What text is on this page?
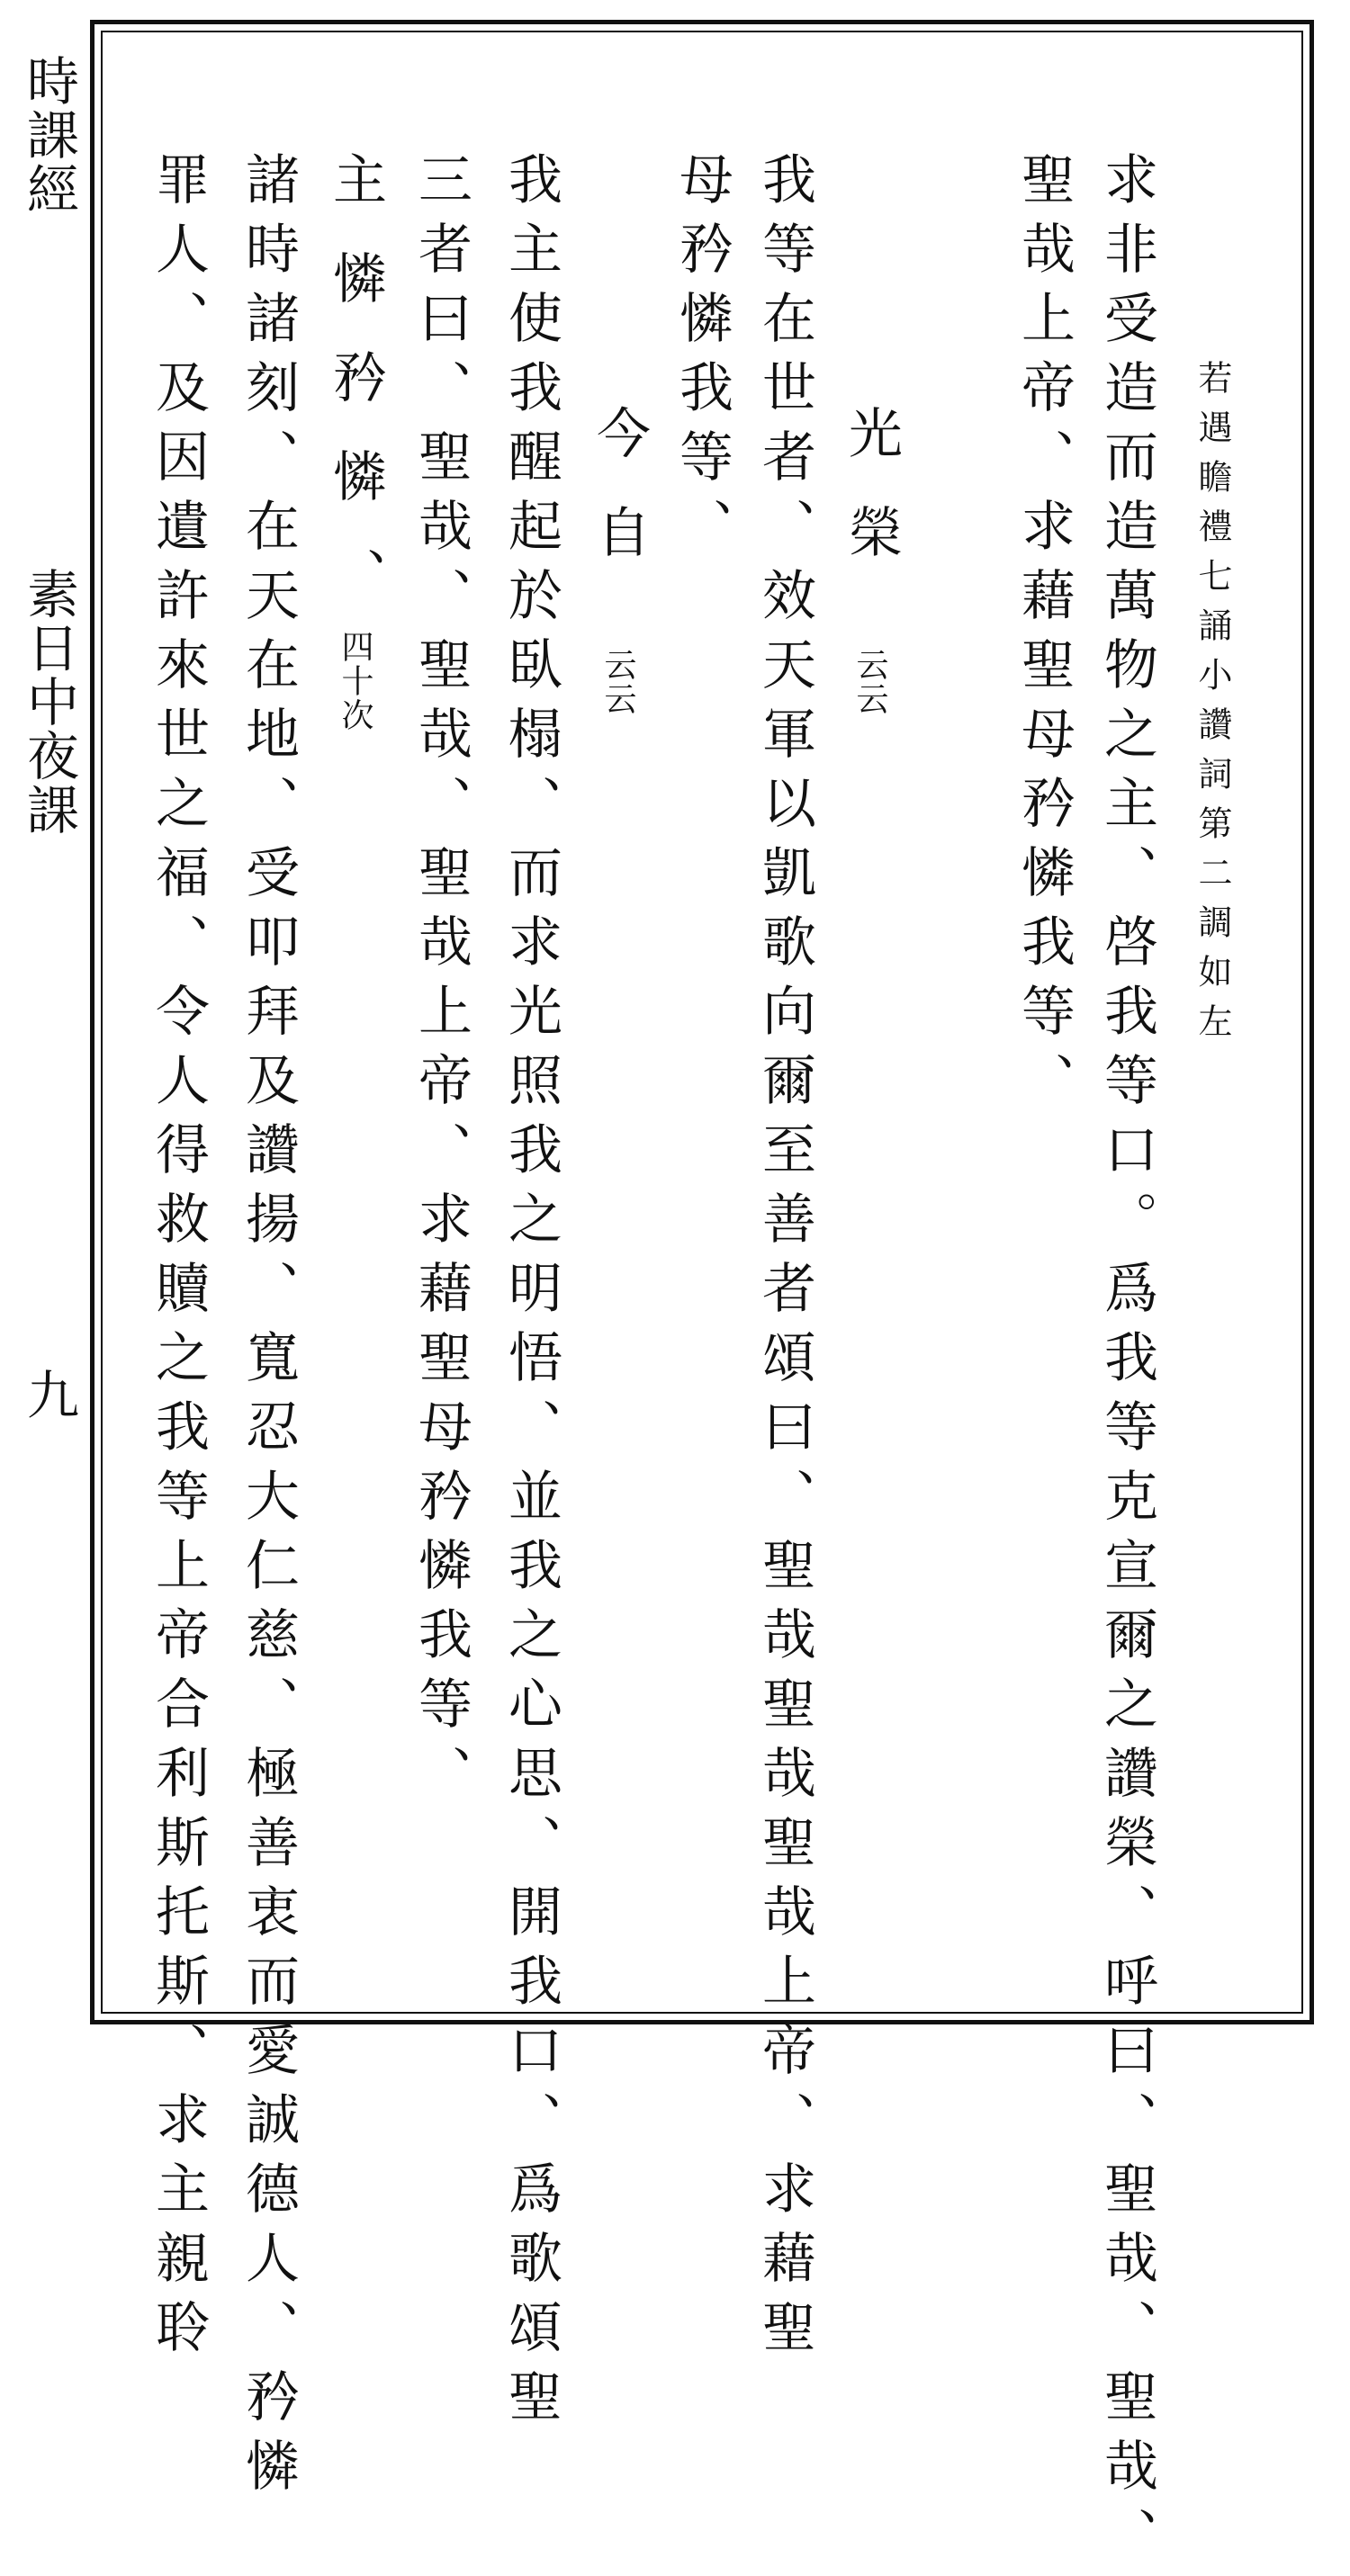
時課經
素日中夜課
九
若遇瞻禮七誦小讚詞第二調如左
求非受造而造萬物之主、啓我等口。爲我等克宣爾之讚榮、呼曰、聖哉、聖哉、
聖哉上帝、求藉聖母矜憐我等、
光榮
云云
我等在世者、效天軍以凱歌向爾至善者頌曰、聖哉聖哉聖哉上帝、求藉聖
母矜憐我等、
今自
云云
我主使我醒起於臥榻、而求光照我之明悟、並我之心思、開我口、爲歌頌聖
三者曰、聖哉、聖哉、聖哉上帝、求藉聖母矜憐我等、
主憐矜憐、
四十次
諸時諸刻、在天在地、受叩拜及讚揚、寬忍大仁慈、極善衷而愛誠德人、矜憐
罪人、及因遺許來世之福、令人得救贖之我等上帝合利斯托斯、求主親聆
